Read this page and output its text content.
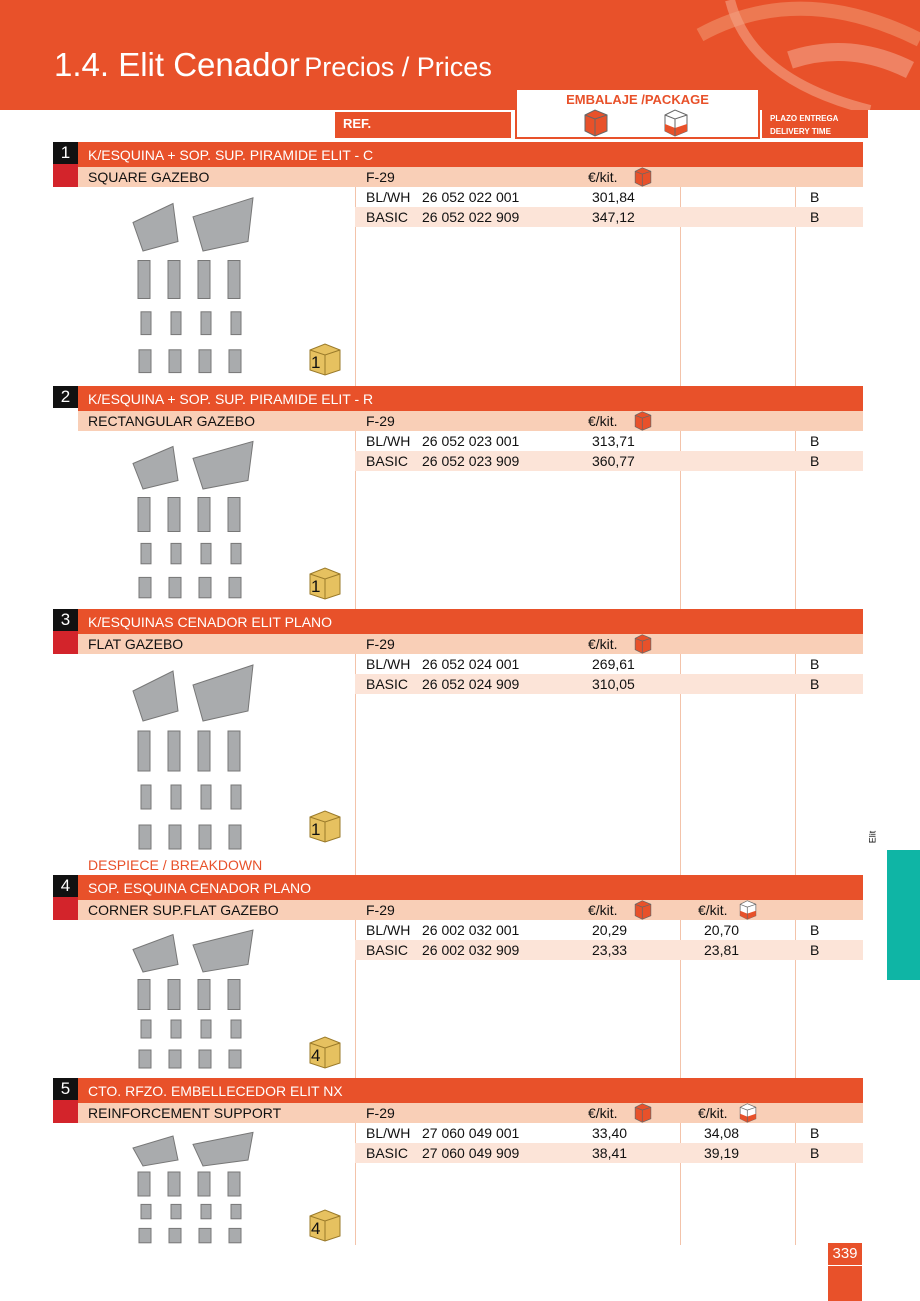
1.4. Elit Cenador Precios / Prices
REF.
EMBALAJE /PACKAGE
PLAZO ENTREGA
DELIVERY TIME
1	K/ESQUINA + SOP. SUP. PIRAMIDE ELIT - C
SQUARE GAZEBO	F-29	€/kit.
BL/WH 26 052 022 001	301,84	B
BASIC 26 052 022 909	347,12	B
1
2	K/ESQUINA + SOP. SUP. PIRAMIDE ELIT - R
RECTANGULAR GAZEBO	F-29	€/kit.
BL/WH 26 052 023 001	313,71	B
BASIC 26 052 023 909	360,77	B
1
3	K/ESQUINAS CENADOR ELIT PLANO
FLAT GAZEBO	F-29	€/kit.
BL/WH 26 052 024 001	269,61	B
BASIC 26 052 024 909	310,05	B
1
4	SOP. ESQUINA CENADOR PLANO
CORNER SUP.FLAT GAZEBO	F-29	€/kit.	€/kit.
BL/WH 26 002 032 001	20,29	20,70	B
BASIC 26 002 032 909	23,33	23,81	B
4
5	CTO. RFZO. EMBELLECEDOR ELIT NX
REINFORCEMENT SUPPORT	F-29	€/kit.	€/kit.
BL/WH 27 060 049 001	33,40	34,08	B
BASIC 27 060 049 909	38,41	39,19	B
4
DESPIECE / BREAKDOWN
Elit
339
